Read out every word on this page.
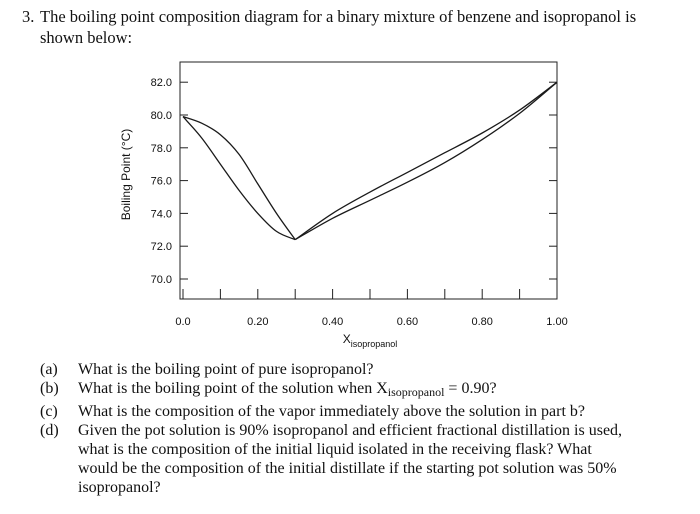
3. The boiling point composition diagram for a binary mixture of benzene and isopropanol is
shown below:
70.0
72.0
74.0
76.0
78.0
80.0
82.0
0.0	0.20	0.40	0.60	0.80	1.00
Boiling Point (°C)
$X_{isopropanol}$
(a) What is the boiling point of pure isopropanol?
(b) What is the boiling point of the solution when $X_{isopropanol} = 0.90$?
(c) What is the composition of the vapor immediately above the solution in part b?
(d) Given the pot solution is 90% isopropanol and efficient fractional distillation is used,
what is the composition of the initial liquid isolated in the receiving flask? What
would be the composition of the initial distillate if the starting pot solution was 50%
isopropanol?
